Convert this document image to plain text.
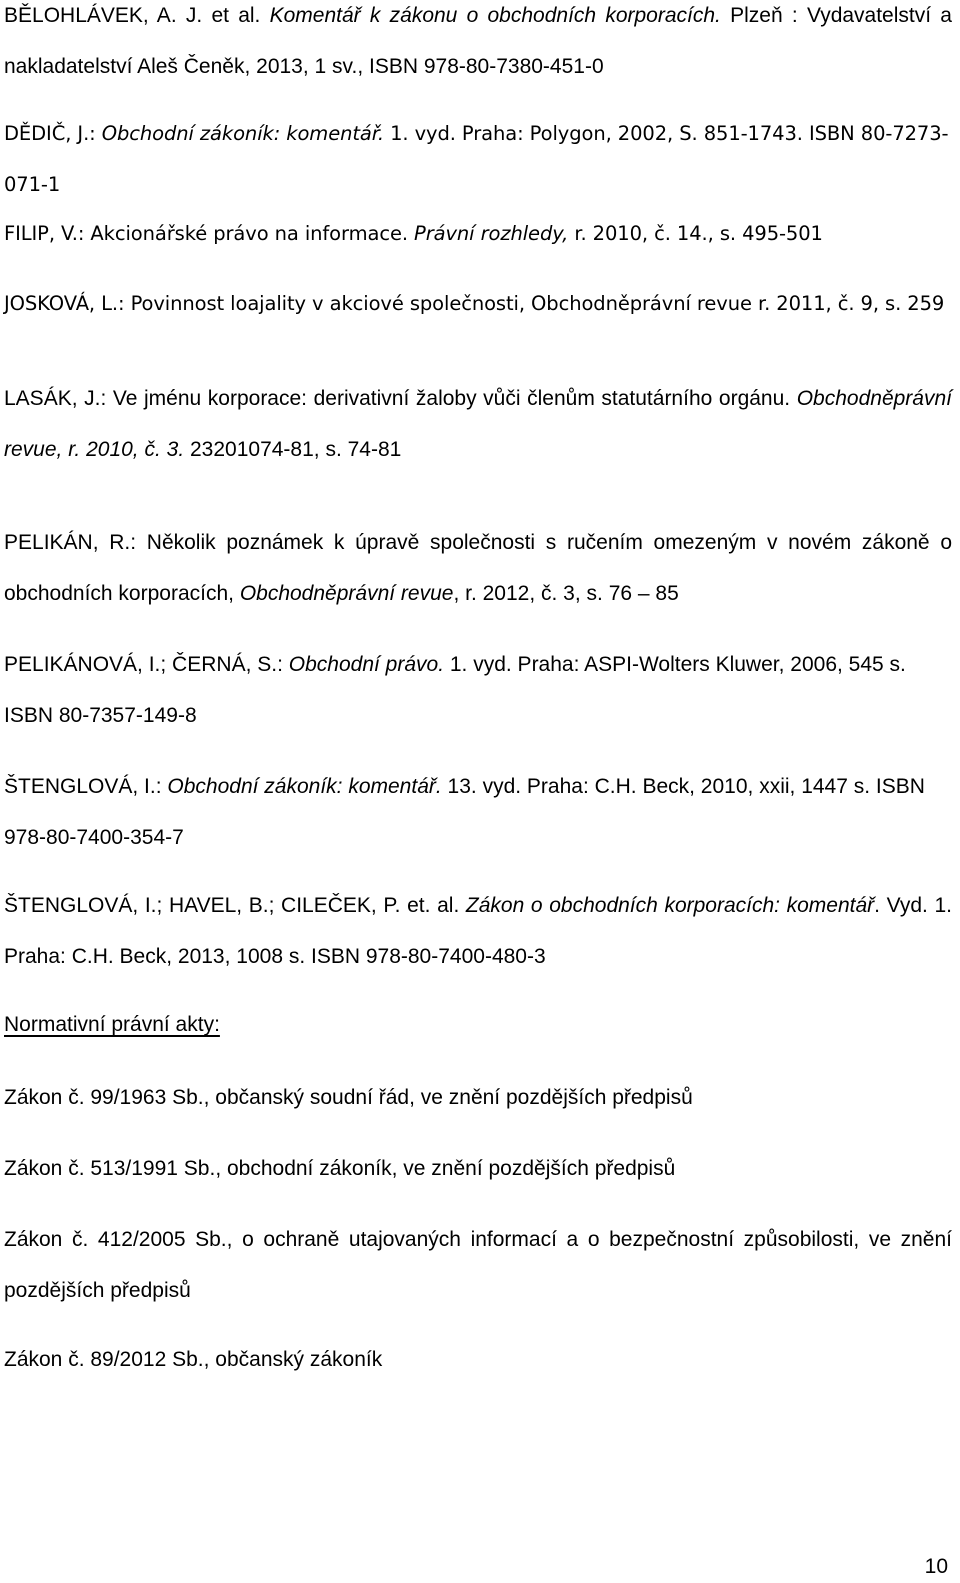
BĚLOHLÁVEK, A. J. et al. Komentář k zákonu o obchodních korporacích. Plzeň : Vydavatelství a nakladatelství Aleš Čeněk, 2013, 1 sv., ISBN 978-80-7380-451-0

DĚDIČ, J.: Obchodní zákoník: komentář. 1. vyd. Praha: Polygon, 2002, S. 851-1743. ISBN 80-7273-071-1

FILIP, V.: Akcionářské právo na informace. Právní rozhledy, r. 2010, č. 14., s. 495-501

JOSKOVÁ, L.: Povinnost loajality v akciové společnosti, Obchodněprávní revue r. 2011, č. 9, s. 259

LASÁK, J.: Ve jménu korporace: derivativní žaloby vůči členům statutárního orgánu. Obchodněprávní revue, r. 2010, č. 3. 23201074-81, s. 74-81

PELIKÁN, R.: Několik poznámek k úpravě společnosti s ručením omezeným v novém zákoně o obchodních korporacích, Obchodněprávní revue, r. 2012, č. 3, s. 76 – 85

PELIKÁNOVÁ, I.; ČERNÁ, S.: Obchodní právo. 1. vyd. Praha: ASPI-Wolters Kluwer, 2006, 545 s. ISBN 80-7357-149-8

ŠTENGLOVÁ, I.: Obchodní zákoník: komentář. 13. vyd. Praha: C.H. Beck, 2010, xxii, 1447 s. ISBN 978-80-7400-354-7

ŠTENGLOVÁ, I.; HAVEL, B.; CILEČEK, P. et. al. Zákon o obchodních korporacích: komentář. Vyd. 1. Praha: C.H. Beck, 2013, 1008 s. ISBN 978-80-7400-480-3

Normativní právní akty:

Zákon č. 99/1963 Sb., občanský soudní řád, ve znění pozdějších předpisů

Zákon č. 513/1991 Sb., obchodní zákoník, ve znění pozdějších předpisů

Zákon č. 412/2005 Sb., o ochraně utajovaných informací a o bezpečnostní způsobilosti, ve znění pozdějších předpisů

Zákon č. 89/2012 Sb., občanský zákoník

10
